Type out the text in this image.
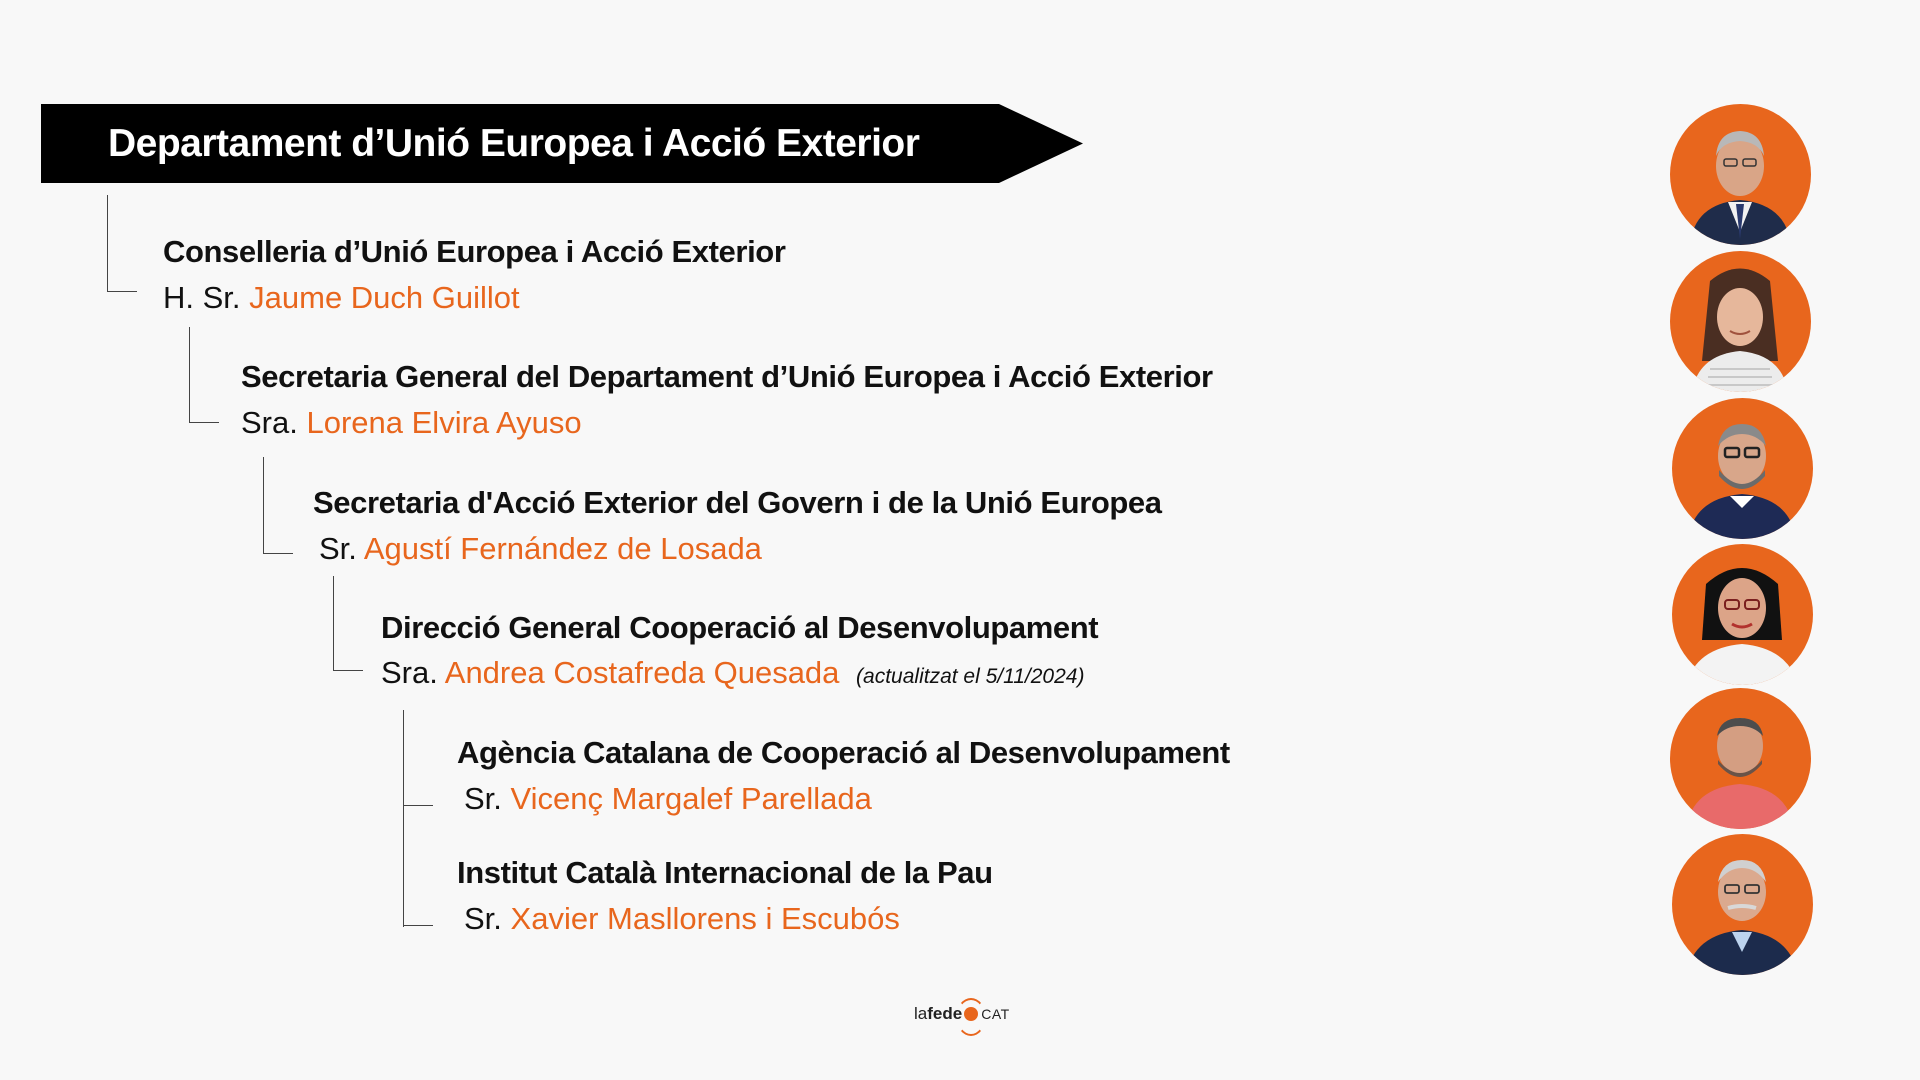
Departament d’Unió Europea i Acció Exterior
Conselleria d’Unió Europea i Acció Exterior
H. Sr. Jaume Duch Guillot
Secretaria General del Departament d’Unió Europea i Acció Exterior
Sra. Lorena Elvira Ayuso
Secretaria d'Acció Exterior del Govern i de la Unió Europea
Sr. Agustí Fernández de Losada
Direcció General Cooperació al Desenvolupament
Sra. Andrea Costafreda Quesada (actualitzat el 5/11/2024)
Agència Catalana de Cooperació al Desenvolupament
Sr. Vicenç Margalef Parellada
Institut Català Internacional de la Pau
Sr. Xavier Masllorens i Escubós
la fede CAT
